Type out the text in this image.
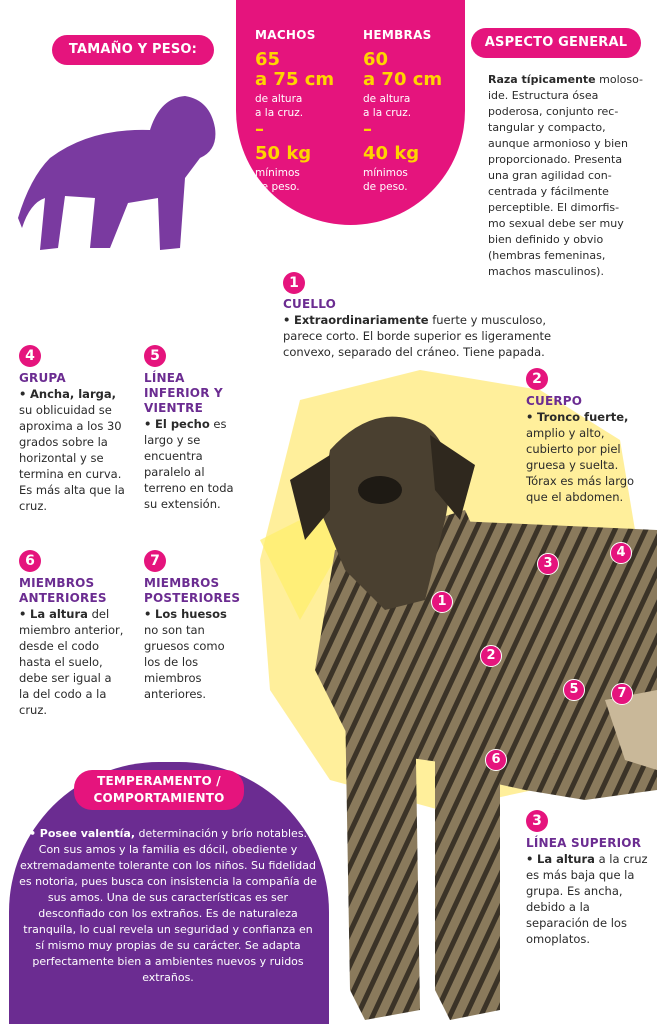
1
2
3
4
5
6
7
TAMAÑO Y PESO:
MACHOS
65
a 75 cm
de altura
a la cruz.
–
50 kg
mínimos
de peso.
HEMBRAS
60
a 70 cm
de altura
a la cruz.
–
40 kg
mínimos
de peso.
ASPECTO GENERAL
Raza típicamente moloso-
ide. Estructura ósea
poderosa, conjunto rec-
tangular y compacto,
aunque armonioso y bien
proporcionado. Presenta
una gran agilidad con-
centrada y fácilmente
perceptible. El dimorfis-
mo sexual debe ser muy
bien definido y obvio
(hembras femeninas,
machos masculinos).
1
CUELLO
• Extraordinariamente fuerte y musculoso, parece corto. El borde superior es ligeramente convexo, separado del cráneo. Tiene papada.
2
CUERPO
• Tronco fuerte, amplio y alto, cubierto por piel gruesa y suelta. Tórax es más largo que el abdomen.
3
LÍNEA SUPERIOR
• La altura a la cruz es más baja que la grupa. Es ancha, debido a la separación de los omoplatos.
4
GRUPA
• Ancha, larga, su oblicuidad se aproxima a los 30 grados sobre la horizontal y se termina en curva. Es más alta que la cruz.
5
LÍNEA INFERIOR Y VIENTRE
• El pecho es largo y se encuentra paralelo al terreno en toda su extensión.
6
MIEMBROS ANTERIORES
• La altura del miembro anterior, desde el codo hasta el suelo, debe ser igual a la del codo a la cruz.
7
MIEMBROS POSTERIORES
• Los huesos no son tan gruesos como los de los miembros anteriores.
TEMPERAMENTO /
COMPORTAMIENTO
• Posee valentía, determinación y brío notables. Con sus amos y la familia es dócil, obediente y extremadamente tolerante con los niños. Su fidelidad es notoria, pues busca con insistencia la compañía de sus amos. Una de sus características es ser desconfiado con los extraños. Es de naturaleza tranquila, lo cual revela un seguridad y confianza en sí mismo muy propias de su carácter. Se adapta perfectamente bien a ambientes nuevos y ruidos extraños.
